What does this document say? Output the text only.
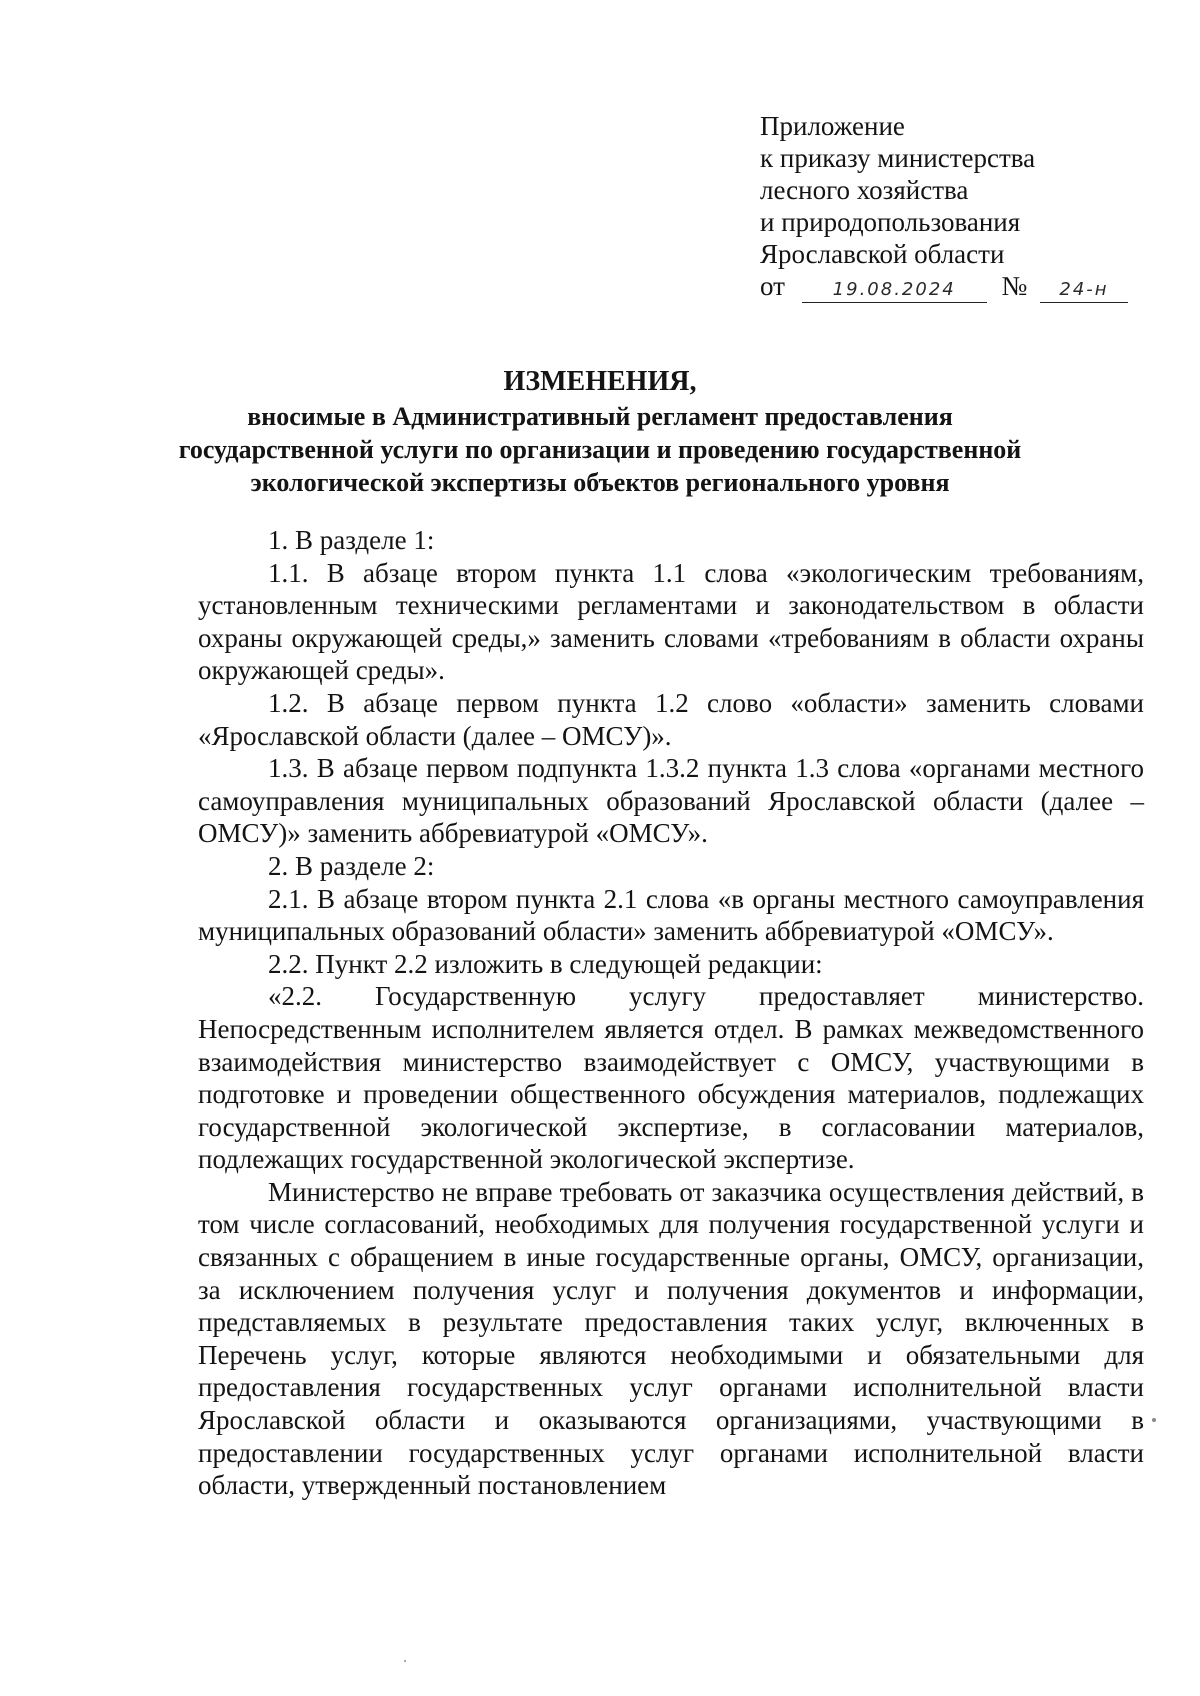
Приложение
к приказу министерства
лесного хозяйства
и природопользования
Ярославской области
от	19.08.2024 № 24-н
ИЗМЕНЕНИЯ,
вносимые в Административный регламент предоставления государственной услуги по организации и проведению государственной экологической экспертизы объектов регионального уровня

1. В разделе 1:

1.1. В абзаце втором пункта 1.1 слова «экологическим требованиям, установленным техническими регламентами и законодательством в области охраны окружающей среды,» заменить словами «требованиям в области охраны окружающей среды».

1.2. В абзаце первом пункта 1.2 слово «области» заменить словами «Ярославской области (далее – ОМСУ)».

1.3. В абзаце первом подпункта 1.3.2 пункта 1.3 слова «органами местного самоуправления муниципальных образований Ярославской области (далее – ОМСУ)» заменить аббревиатурой «ОМСУ».

2. В разделе 2:

2.1. В абзаце втором пункта 2.1 слова «в органы местного самоуправления муниципальных образований области» заменить аббревиатурой «ОМСУ».

2.2. Пункт 2.2 изложить в следующей редакции:

«2.2. Государственную услугу предоставляет министерство. Непосредственным исполнителем является отдел. В рамках межведомственного взаимодействия министерство взаимодействует с ОМСУ, участвующими в подготовке и проведении общественного обсуждения материалов, подлежащих государственной экологической экспертизе, в согласовании материалов, подлежащих государственной экологической экспертизе.

Министерство не вправе требовать от заказчика осуществления действий, в том числе согласований, необходимых для получения государственной услуги и связанных с обращением в иные государственные органы, ОМСУ, организации, за исключением получения услуг и получения документов и информации, представляемых в результате предоставления таких услуг, включенных в Перечень услуг, которые являются необходимыми и обязательными для предоставления государственных услуг органами исполнительной власти Ярославской области и оказываются организациями, участвующими в предоставлении государственных услуг органами исполнительной власти области, утвержденный постановлением
